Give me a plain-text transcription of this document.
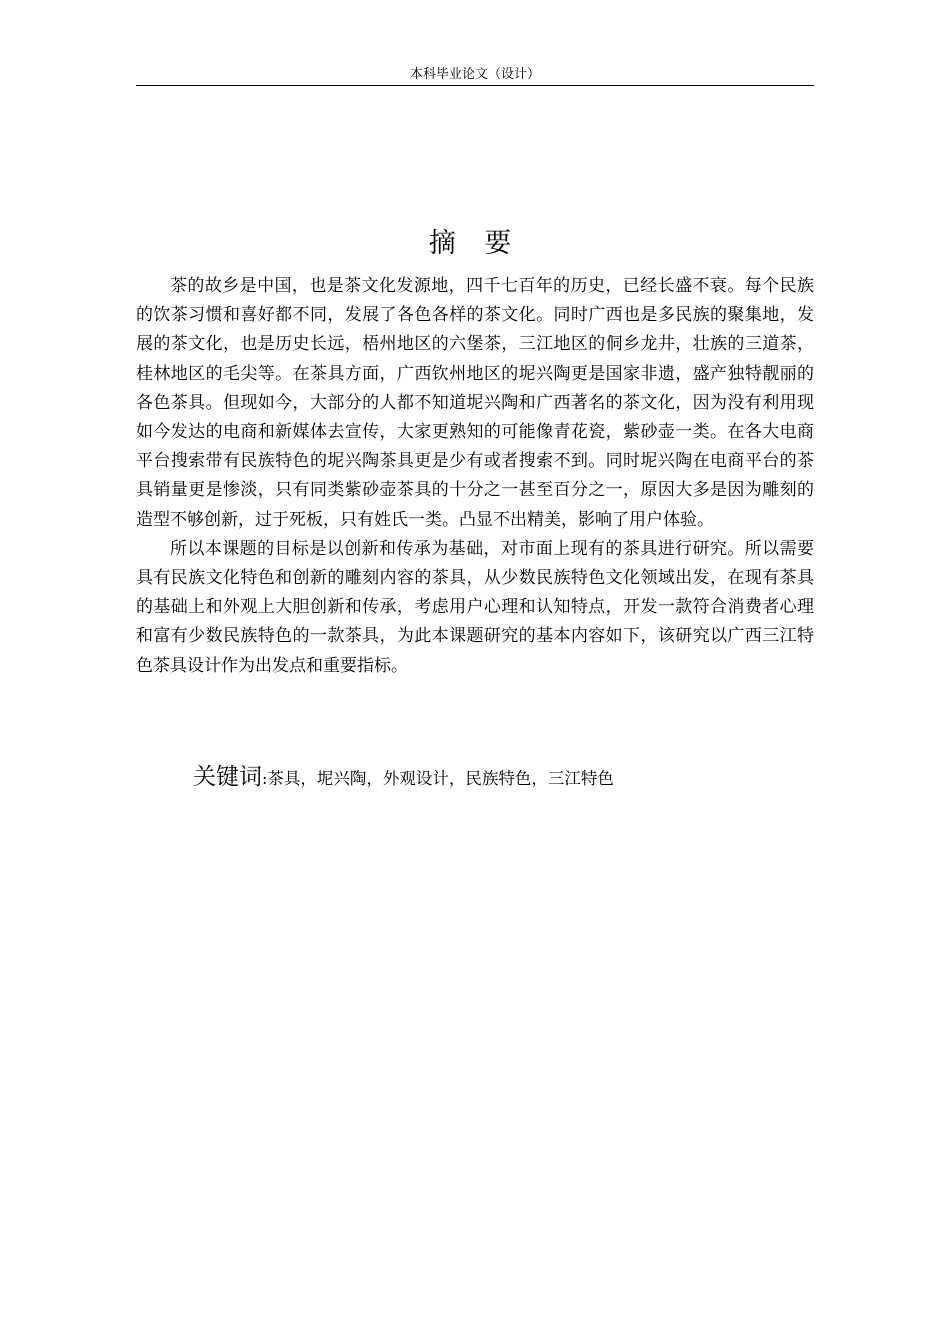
本科毕业论文（设计）
摘 要

茶的故乡是中国，也是茶文化发源地，四千七百年的历史，已经长盛不衰。每个民族的饮茶习惯和喜好都不同，发展了各色各样的茶文化。同时广西也是多民族的聚集地，发展的茶文化，也是历史长远，梧州地区的六堡茶，三江地区的侗乡龙井，壮族的三道茶，桂林地区的毛尖等。在茶具方面，广西钦州地区的坭兴陶更是国家非遗，盛产独特靓丽的各色茶具。但现如今，大部分的人都不知道坭兴陶和广西著名的茶文化，因为没有利用现如今发达的电商和新媒体去宣传，大家更熟知的可能像青花瓷，紫砂壶一类。在各大电商平台搜索带有民族特色的坭兴陶茶具更是少有或者搜索不到。同时坭兴陶在电商平台的茶具销量更是惨淡，只有同类紫砂壶茶具的十分之一甚至百分之一，原因大多是因为雕刻的造型不够创新，过于死板，只有姓氏一类。凸显不出精美，影响了用户体验。

所以本课题的目标是以创新和传承为基础，对市面上现有的茶具进行研究。所以需要具有民族文化特色和创新的雕刻内容的茶具，从少数民族特色文化领域出发，在现有茶具的基础上和外观上大胆创新和传承，考虑用户心理和认知特点，开发一款符合消费者心理和富有少数民族特色的一款茶具，为此本课题研究的基本内容如下，该研究以广西三江特色茶具设计作为出发点和重要指标。

关键词:茶具，坭兴陶，外观设计，民族特色，三江特色
